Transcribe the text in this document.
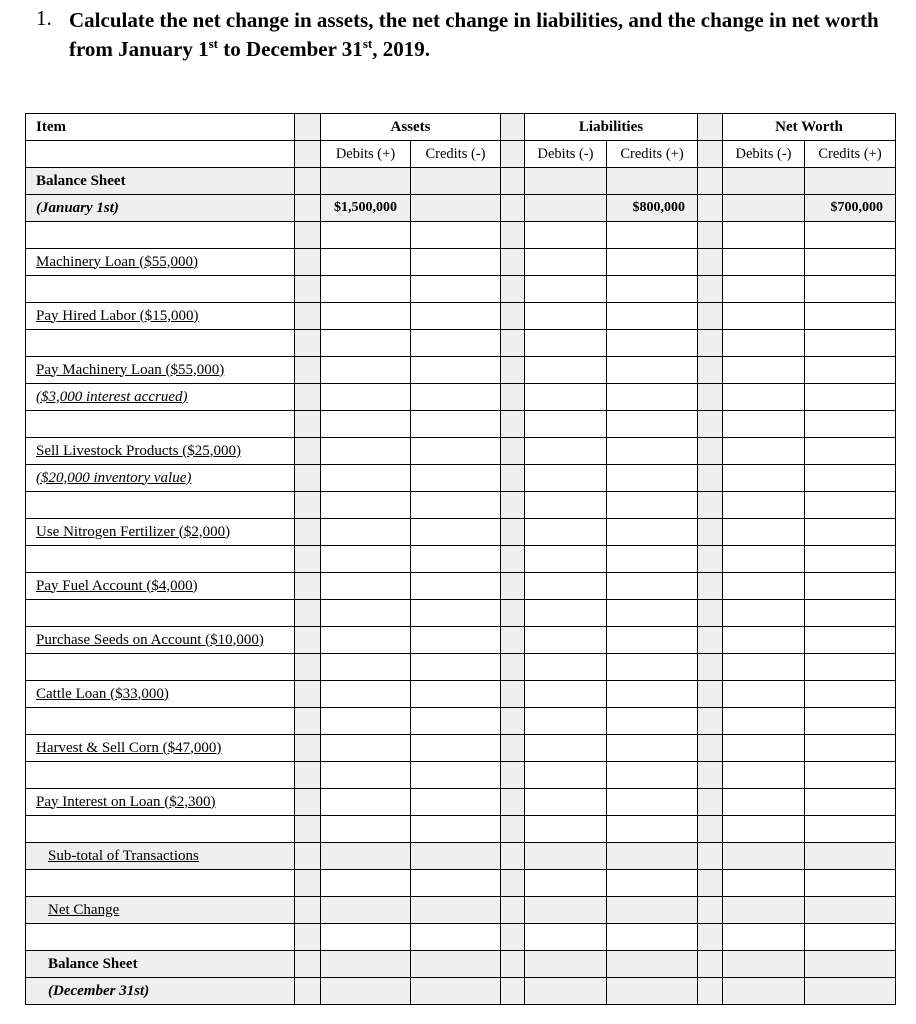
1. Calculate the net change in assets, the net change in liabilities, and the change in net worth from January 1st to December 31st, 2019.
Item		Assets			Liabilities			Net Worth	
		Debits (+)	Credits (-)		Debits (-)	Credits (+)		Debits (-)	Credits (+)
Balance Sheet									
(January 1st)		$1,500,000				$800,000			$700,000

Machinery Loan ($55,000)									

Pay Hired Labor ($15,000)									

Pay Machinery Loan ($55,000)									
($3,000 interest accrued)									

Sell Livestock Products ($25,000)									
($20,000 inventory value)									

Use Nitrogen Fertilizer ($2,000)									

Pay Fuel Account ($4,000)									

Purchase Seeds on Account ($10,000)									

Cattle Loan ($33,000)									

Harvest & Sell Corn ($47,000)									

Pay Interest on Loan ($2,300)									

Sub-total of Transactions									

Net Change									

Balance Sheet									
(December 31st)									
